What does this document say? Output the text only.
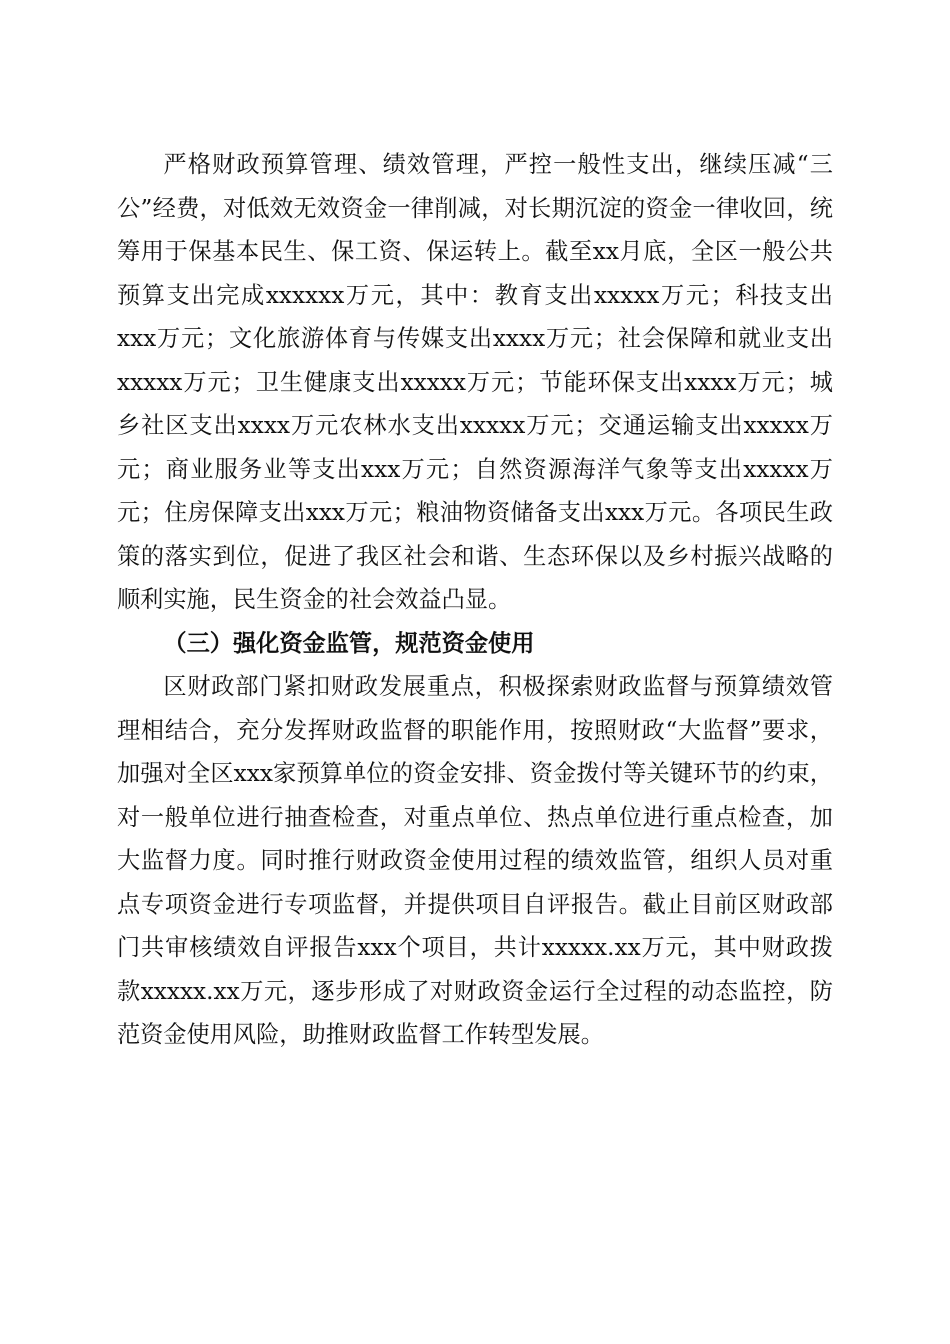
严格财政预算管理、绩效管理，严控一般性支出，继续压减“三公”经费，对低效无效资金一律削减，对长期沉淀的资金一律收回，统筹用于保基本民生、保工资、保运转上。截至xx月底，全区一般公共预算支出完成xxxxxx万元，其中：教育支出xxxxx万元；科技支出xxx万元；文化旅游体育与传媒支出xxxx万元；社会保障和就业支出xxxxx万元；卫生健康支出xxxxx万元；节能环保支出xxxx万元；城乡社区支出xxxx万元农林水支出xxxxx万元；交通运输支出xxxxx万元；商业服务业等支出xxx万元；自然资源海洋气象等支出xxxxx万元；住房保障支出xxx万元；粮油物资储备支出xxx万元。各项民生政策的落实到位，促进了我区社会和谐、生态环保以及乡村振兴战略的顺利实施，民生资金的社会效益凸显。

（三）强化资金监管，规范资金使用

区财政部门紧扣财政发展重点，积极探索财政监督与预算绩效管理相结合，充分发挥财政监督的职能作用，按照财政“大监督”要求，加强对全区xxx家预算单位的资金安排、资金拨付等关键环节的约束，对一般单位进行抽查检查，对重点单位、热点单位进行重点检查，加大监督力度。同时推行财政资金使用过程的绩效监管，组织人员对重点专项资金进行专项监督，并提供项目自评报告。截止目前区财政部门共审核绩效自评报告xxx个项目，共计xxxxx.xx万元，其中财政拨款xxxxx.xx万元，逐步形成了对财政资金运行全过程的动态监控，防范资金使用风险，助推财政监督工作转型发展。
